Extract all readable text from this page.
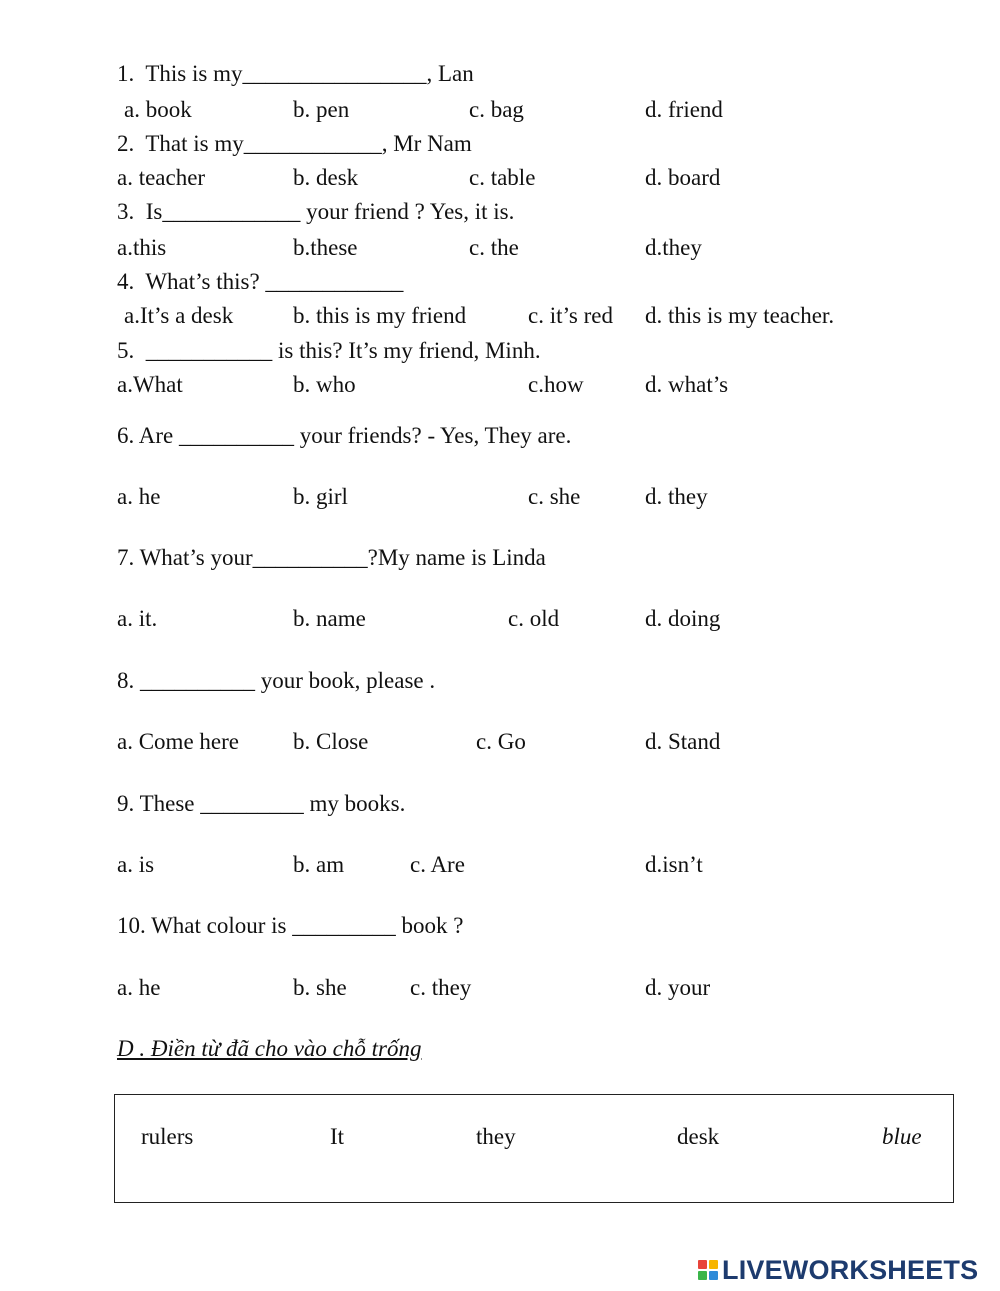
1.  This is my________________, Lan
a. book	b. pen	c. bag	d. friend
2.  That is my____________, Mr Nam
a. teacher	b. desk	c. table	d. board
3.  Is____________ your friend ? Yes, it is.
a.this	b.these	c. the	d.they
4.  What’s this? ____________
a.It’s a desk	b. this is my friend	c. it’s red d. this is my teacher.
5.  ___________ is this? It’s my friend, Minh.
a.What	b. who	c.how	d. what’s
6. Are __________ your friends? - Yes, They are.
a. he	b. girl	c. she	d. they
7. What’s your__________?My name is Linda
a. it.	b. name	c. old	d. doing
8. __________ your book, please .
a. Come here b. Close	c. Go	d. Stand
9. These _________ my books.
a. is	b. am	c. Are	d.isn’t
10. What colour is _________ book ?
a. he	b. she	c. they	d. your
D . Điền từ đã cho vào chỗ trống
rulers	It	they	desk	blue
LIVEWORKSHEETS
